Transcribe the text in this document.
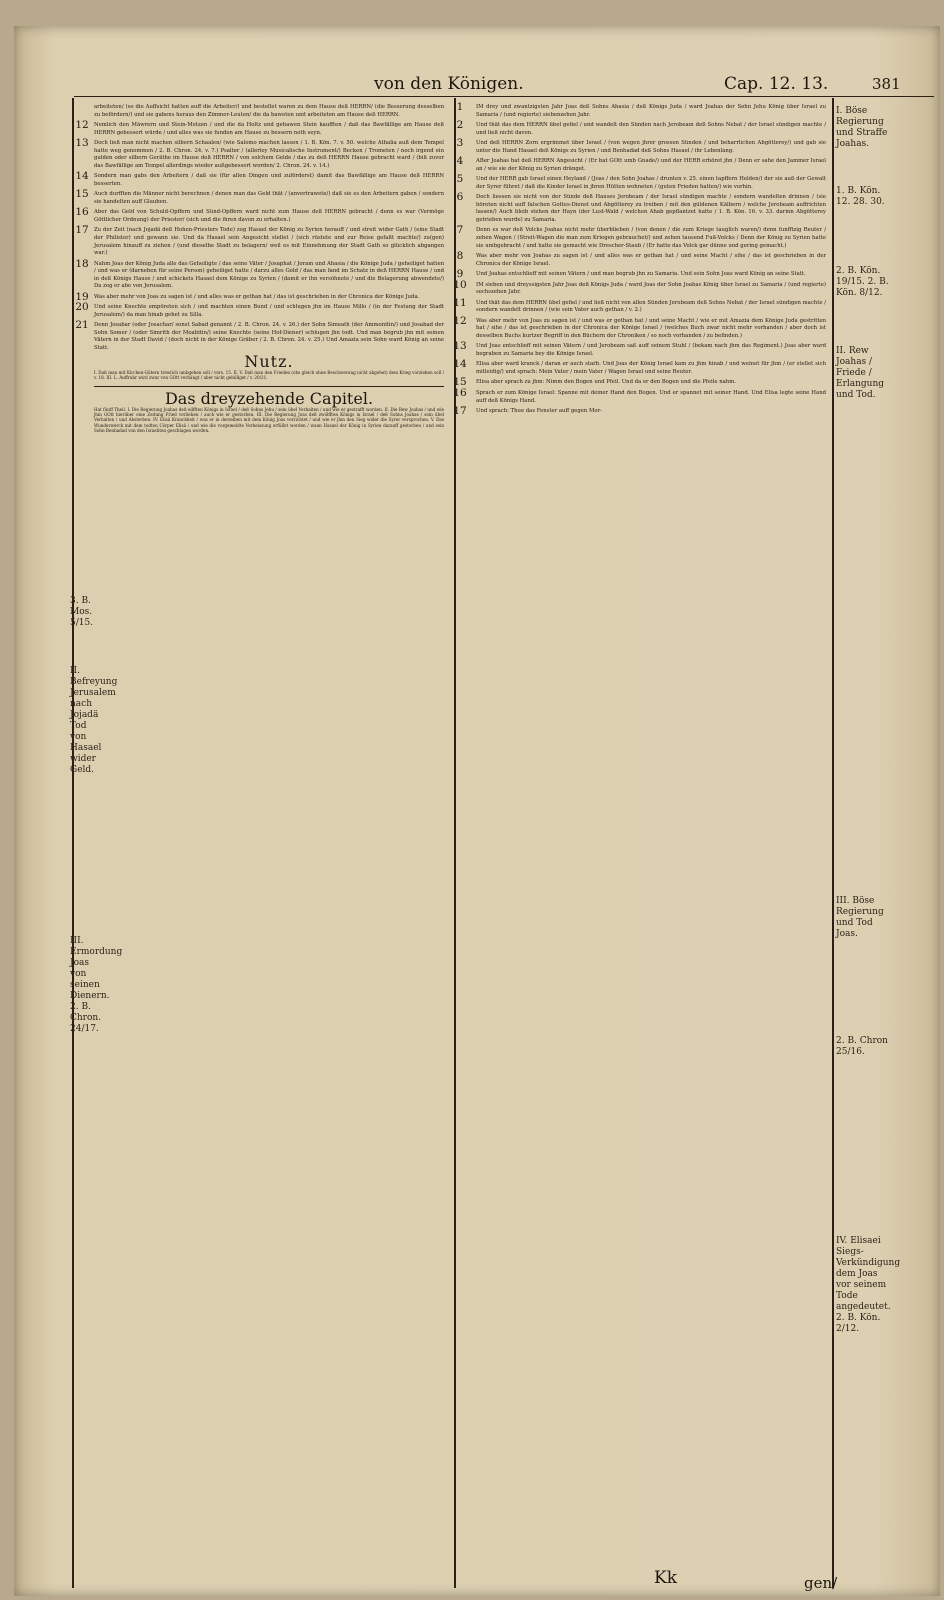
von den Königen.	Cap. 12. 13.	381
3. B. Mos. 5/15.
II. Befreyung Jerusalem nach Jojadä Tod von Hasael wider Geld.
III. Ermordung Joas von seinen Dienern. 2. B. Chron. 24/17.
I. Böse Regierung und Straffe Joahas.
1. B. Kön. 12. 28. 30.
2. B. Kön. 19/15. 2. B. Kön. 8/12.
II. Rew Joahas / Friede / Erlangung und Tod.
III. Böse Regierung und Tod Joas.
2. B. Chron 25/16.
IV. Elisaei Siegs-Verkündigung dem Joas vor seinem Tode angedeutet. 2. B. Kön. 2/12.

arbeiteten/ (so die Auffsicht hatten auff die Arbeiter/) und bestellet waren zu dem Hause deß HERRN/ (die Besserung desselben zu befördern/) und sie gabens heraus den Zimmer-Leuten/ die da baweten und arbeiteten am Hause deß HERRN.

12 Nemlich den Mäwrern und Stein-Metzen / und die da Holtz und gehawen Stein kaufften / daß das Bawfällige am Hause deß HERRN gebessert würde / und alles was sie funden am Hause zu bessern noth seyn.

13 Doch ließ man nicht machen silbern Schaalen/ (wie Salomo machen lassen / 1. B. Kön. 7. v. 50. welche Athalia auß dem Tempel hatte weg genommen / 2. B. Chron. 24. v. 7.) Psalter / (allerley Musicalische Instrument/) Becken / Trometen / noch irgend ein gulden oder silbern Geräthe im Hause deß HERRN / von solchem Gelde / das zu deß HERRN Hause gebracht ward / (biß zuvor das Bawfällige am Tempel allerdings wieder außgebessert worden/ 2. Chron. 24. v. 14.)

14 Sondern man gabs den Arbeitern / daß sie (für allen Dingen und zuförderst) damit das Bawfällige am Hause deß HERRN besserten.

15 Auch durfften die Männer nicht berechnen / denen man das Geld thät / (anvertrawete/) daß sie es den Arbeitern gaben / sondern sie handelten auff Glauben.

16 Aber das Geld von Schuld-Opffern und Sünd-Opffern ward nicht zum Hause deß HERRN gebracht / denn es war (Vermöge Göttlicher Ordnung) der Priester/ (sich und die ihren davon zu erhalten.)

17 Zu der Zeit (nach Jojadä deß Hohen-Priesters Tode) zog Hasael der König zu Syrien herauff / und streit wider Gath / (eine Stadt der Philister) und gewann sie. Und da Hasael sein Angesicht stellet / (sich rüstete und zur Reise gefaßt machte/) zu(gen) Jerusalem hinauff zu ziehen / (und dieselbe Stadt zu belagern/ weil es mit Einnehmung der Stadt Gath so glücklich abgangen war.)

18 Nahm Joas der König Juda alle das Geheiligte / das seine Väter / Josaphat / Joram und Ahasia / die Könige Juda / geheiliget hatten / und was er (darneben für seine Person) geheiliget hatte / darzu alles Gold / das man fand im Schatz in deß HERRN Hause / und in deß Königs Hause / und schickets Hasael dem Könige zu Syrien / (damit er ihn versöhnete / und die Belagerung abwendete/) Da zog er abe von Jerusalem.

19 Was aber mehr von Joas zu sagen ist / und alles was er gethan hat / das ist geschrieben in der Chronica der Könige Juda.

20 Und seine Knechte empöreten sich / und machten einen Bund / und schlugen jhn im Hause Millo / (in der Festung der Stadt Jerusalem/) da man hinab gehet zu Silla.

21 Denn Josabar (oder Josachar/ sonst Sabad genannt / 2. B. Chron. 24. v. 26.) der Sohn Simeath (der Ammonitin/) und Josabad der Sohn Somer / (oder Simrith der Moabitin/) seine Knechte (seine Hof-Diener) schlugen jhn todt. Und man begrub jhn mit seinen Vätern in der Stadt David / (doch nicht in der Könige Gräber / 2. B. Chron. 24. v. 25.) Und Amazia sein Sohn ward König an seine Statt.

Nutz.

I. Daß man mit Kirchen-Gütern trewlich umbgehen soll / vers. 15. II. V. Daß man den Frieden (obs gleich ohne Beschwerung nicht abgehet) dem Krieg vorziehen soll / v. 18. III. L. Auffruhr wird zwar von GOtt verhängt / aber nicht gebilliget / v. 20/21.

Das dreyzehende Capitel.

Hat fünff Theil. I. Die Regierung Joahas deß eilfften Königs in Israel / deß Sohns Jehu / sein übel Verhalten / und wie er gestrafft worden. II. Die Rew Joahas / und wie jhm GOtt hierüber eine Zeitung Fried verliehen / auch wie er gestorben. III. Die Regierung Joas deß zwölfften Königs in Israel / deß Sohns Joahas / sein übel Verhalten / und Absterben. IV. Elisä Kranckheit / was er in derselben mit dem König Joas verrichtet / und wie er jhm den Sieg wider die Syrer versprochen. V. Das Wunderwerck mit dem todten Cörper Elisä / und wie die vorgemeldte Verheissung erfüllet worden / wann Hasael der König in Syrien darauff gestorben / und sein Sohn Benhadad von den Israeliten geschlagen worden.

1	IM drey und zwantzigsten Jahr Joas deß Sohns Ahasia / deß Königs Juda / ward Joahas der Sohn Jehu König über Israel zu Samaria / (und regierte) siebenzehen Jahr.

2	Und thät das dem HERRN übel gefiel / und wandelt den Sünden nach Jerobeam deß Sohns Nebat / der Israel sündigen machte / und ließ nicht davon.

3	Und deß HERRN Zorn ergrimmet über Israel / (von wegen jhrer grossen Sünden / und beharrlichen Abgötterey/) und gab sie unter die Hand Hasael deß Königs zu Syrien / und Benhadad deß Sohns Hasael / ihr Lebenlang.

4	ABer Joahas bat deß HERRN Angesicht / (Er bat GOtt umb Gnade/) und der HERR erhöret jhn / Denn er sahe den Jammer Israel an / wie sie der König zu Syrien dränget.

5	Und der HERR gab Israel einen Heyland / (Joas / den Sohn Joahas / drunten v. 25. einen tapffern Helden/) der sie auß der Gewalt der Syrer führet / daß die Kinder Israel in jhren Hütten wohneten / (guten Frieden hatten/) wie vorhin.

6	Doch liessen sie nicht von der Sünde deß Hauses Jerobeam / der Israel sündigen machte / sondern wandelten drinnen / (sie höreten nicht auff falschen Gottes-Dienst und Abgötterey zu treiben / mit den güldenen Kälbern / welche Jerobeam auffrichten lassen/) Auch bleib stehen der Hayn (der Lust-Wald / welchen Ahab gepflantzet hatte / 1. B. Kön. 16. v. 33. darinn Abgötterey getrieben wurde) zu Samaria.

7	Denn es war deß Volcks Joahas nicht mehr überblieben / (von denen / die zum Kriege tauglich waren/) denn funfftzig Reuter / zehen Wagen / (Streit-Wagen die man zum Kriegen gebrauchet/) und zehen tausend Fuß-Volcks / Denn der König zu Syrien hatte sie umbgebracht / und hatte sie gemacht wie Drescher-Staub / (Er hatte das Volck gar dünne und gering gemacht.)

8	Was aber mehr von Joahas zu sagen ist / und alles was er gethan hat / und seine Macht / sihe / das ist geschrieben in der Chronica der Könige Israel.

9	Und Joahas entschlieff mit seinen Vätern / und man begrub jhn zu Samaria. Und sein Sohn Joas ward König an seine Statt.

10 IM sieben und dreyssigsten Jahr Joas deß Königs Juda / ward Joas der Sohn Joahas König über Israel zu Samaria / (und regierte) sechszehen Jahr.

11 Und thät das dem HERRN übel gefiel / und ließ nicht von allen Sünden Jerobeam deß Sohns Nebat / der Israel sündigen machte / sondern wandelt drinnen / (wie sein Vater auch gethan / v. 2.)

12 Was aber mehr von Joas zu sagen ist / und was er gethan hat / und seine Macht / wie er mit Amazia dem Könige Juda gestritten hat / sihe / das ist geschrieben in der Chronica der Könige Israel / (welches Buch zwar nicht mehr vorhanden / aber doch ist desselben Buchs kurtzer Begriff in den Büchern der Chroniken / so noch vorhanden / zu befinden.)

13 Und Joas entschlieff mit seinen Vätern / und Jerobeam saß auff seinem Stuhl / (bekam nach jhm das Regiment.) Joas aber ward begraben zu Samaria bey die Könige Israel.

14 Elisa aber ward kranck / daran er auch starb. Und Joas der König Israel kam zu jhm hinab / und weinet für jhm / (er stellet sich mitleidig/) und sprach: Mein Vater / mein Vater / Wagen Israel und seine Reuter.

15 Elisa aber sprach zu jhm: Nimm den Bogen und Pfeil. Und da er den Bogen und die Pfeile nahm.

16 Sprach er zum Könige Israel: Spanne mit deiner Hand den Bogen. Und er spannet mit seiner Hand. Und Elisa legte seine Hand auff deß Königs Hand.

17 Und sprach: Thue das Fenster auff gegen Mor-

Kk	gen/
